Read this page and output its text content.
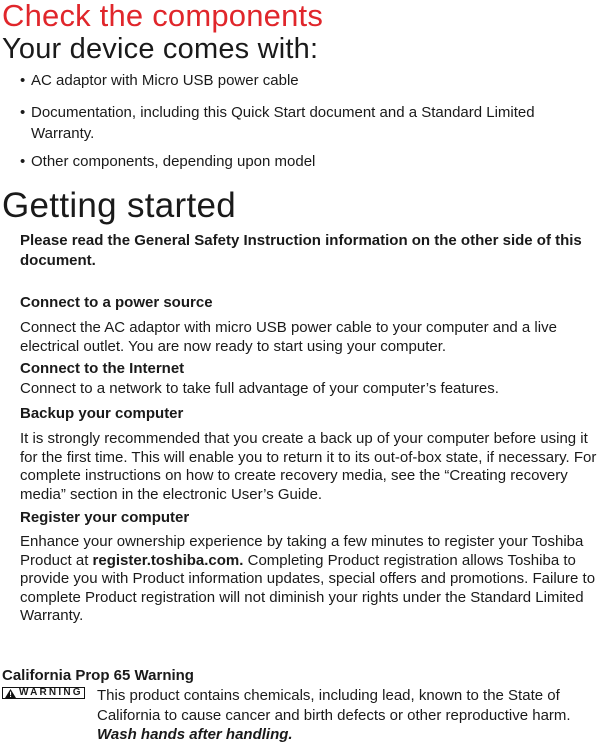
Check the components
Your device comes with:
• AC adaptor with Micro USB power cable
• Documentation, including this Quick Start document and a Standard Limited Warranty.
• Other components, depending upon model
Getting started
Please read the General Safety Instruction information on the other side of this document.
Connect to a power source
Connect the AC adaptor with micro USB power cable to your computer and a live electrical outlet. You are now ready to start using your computer.
Connect to the Internet
Connect to a network to take full advantage of your computer’s features.
Backup your computer
It is strongly recommended that you create a back up of your computer before using it for the first time. This will enable you to return it to its out-of-box state, if necessary. For complete instructions on how to create recovery media, see the “Creating recovery media” section in the electronic User’s Guide.
Register your computer
Enhance your ownership experience by taking a few minutes to register your Toshiba Product at register.toshiba.com. Completing Product registration allows Toshiba to provide you with Product information updates, special offers and promotions. Failure to complete Product registration will not diminish your rights under the Standard Limited Warranty.
California Prop 65 Warning
WARNING This product contains chemicals, including lead, known to the State of California to cause cancer and birth defects or other reproductive harm. Wash hands after handling.
